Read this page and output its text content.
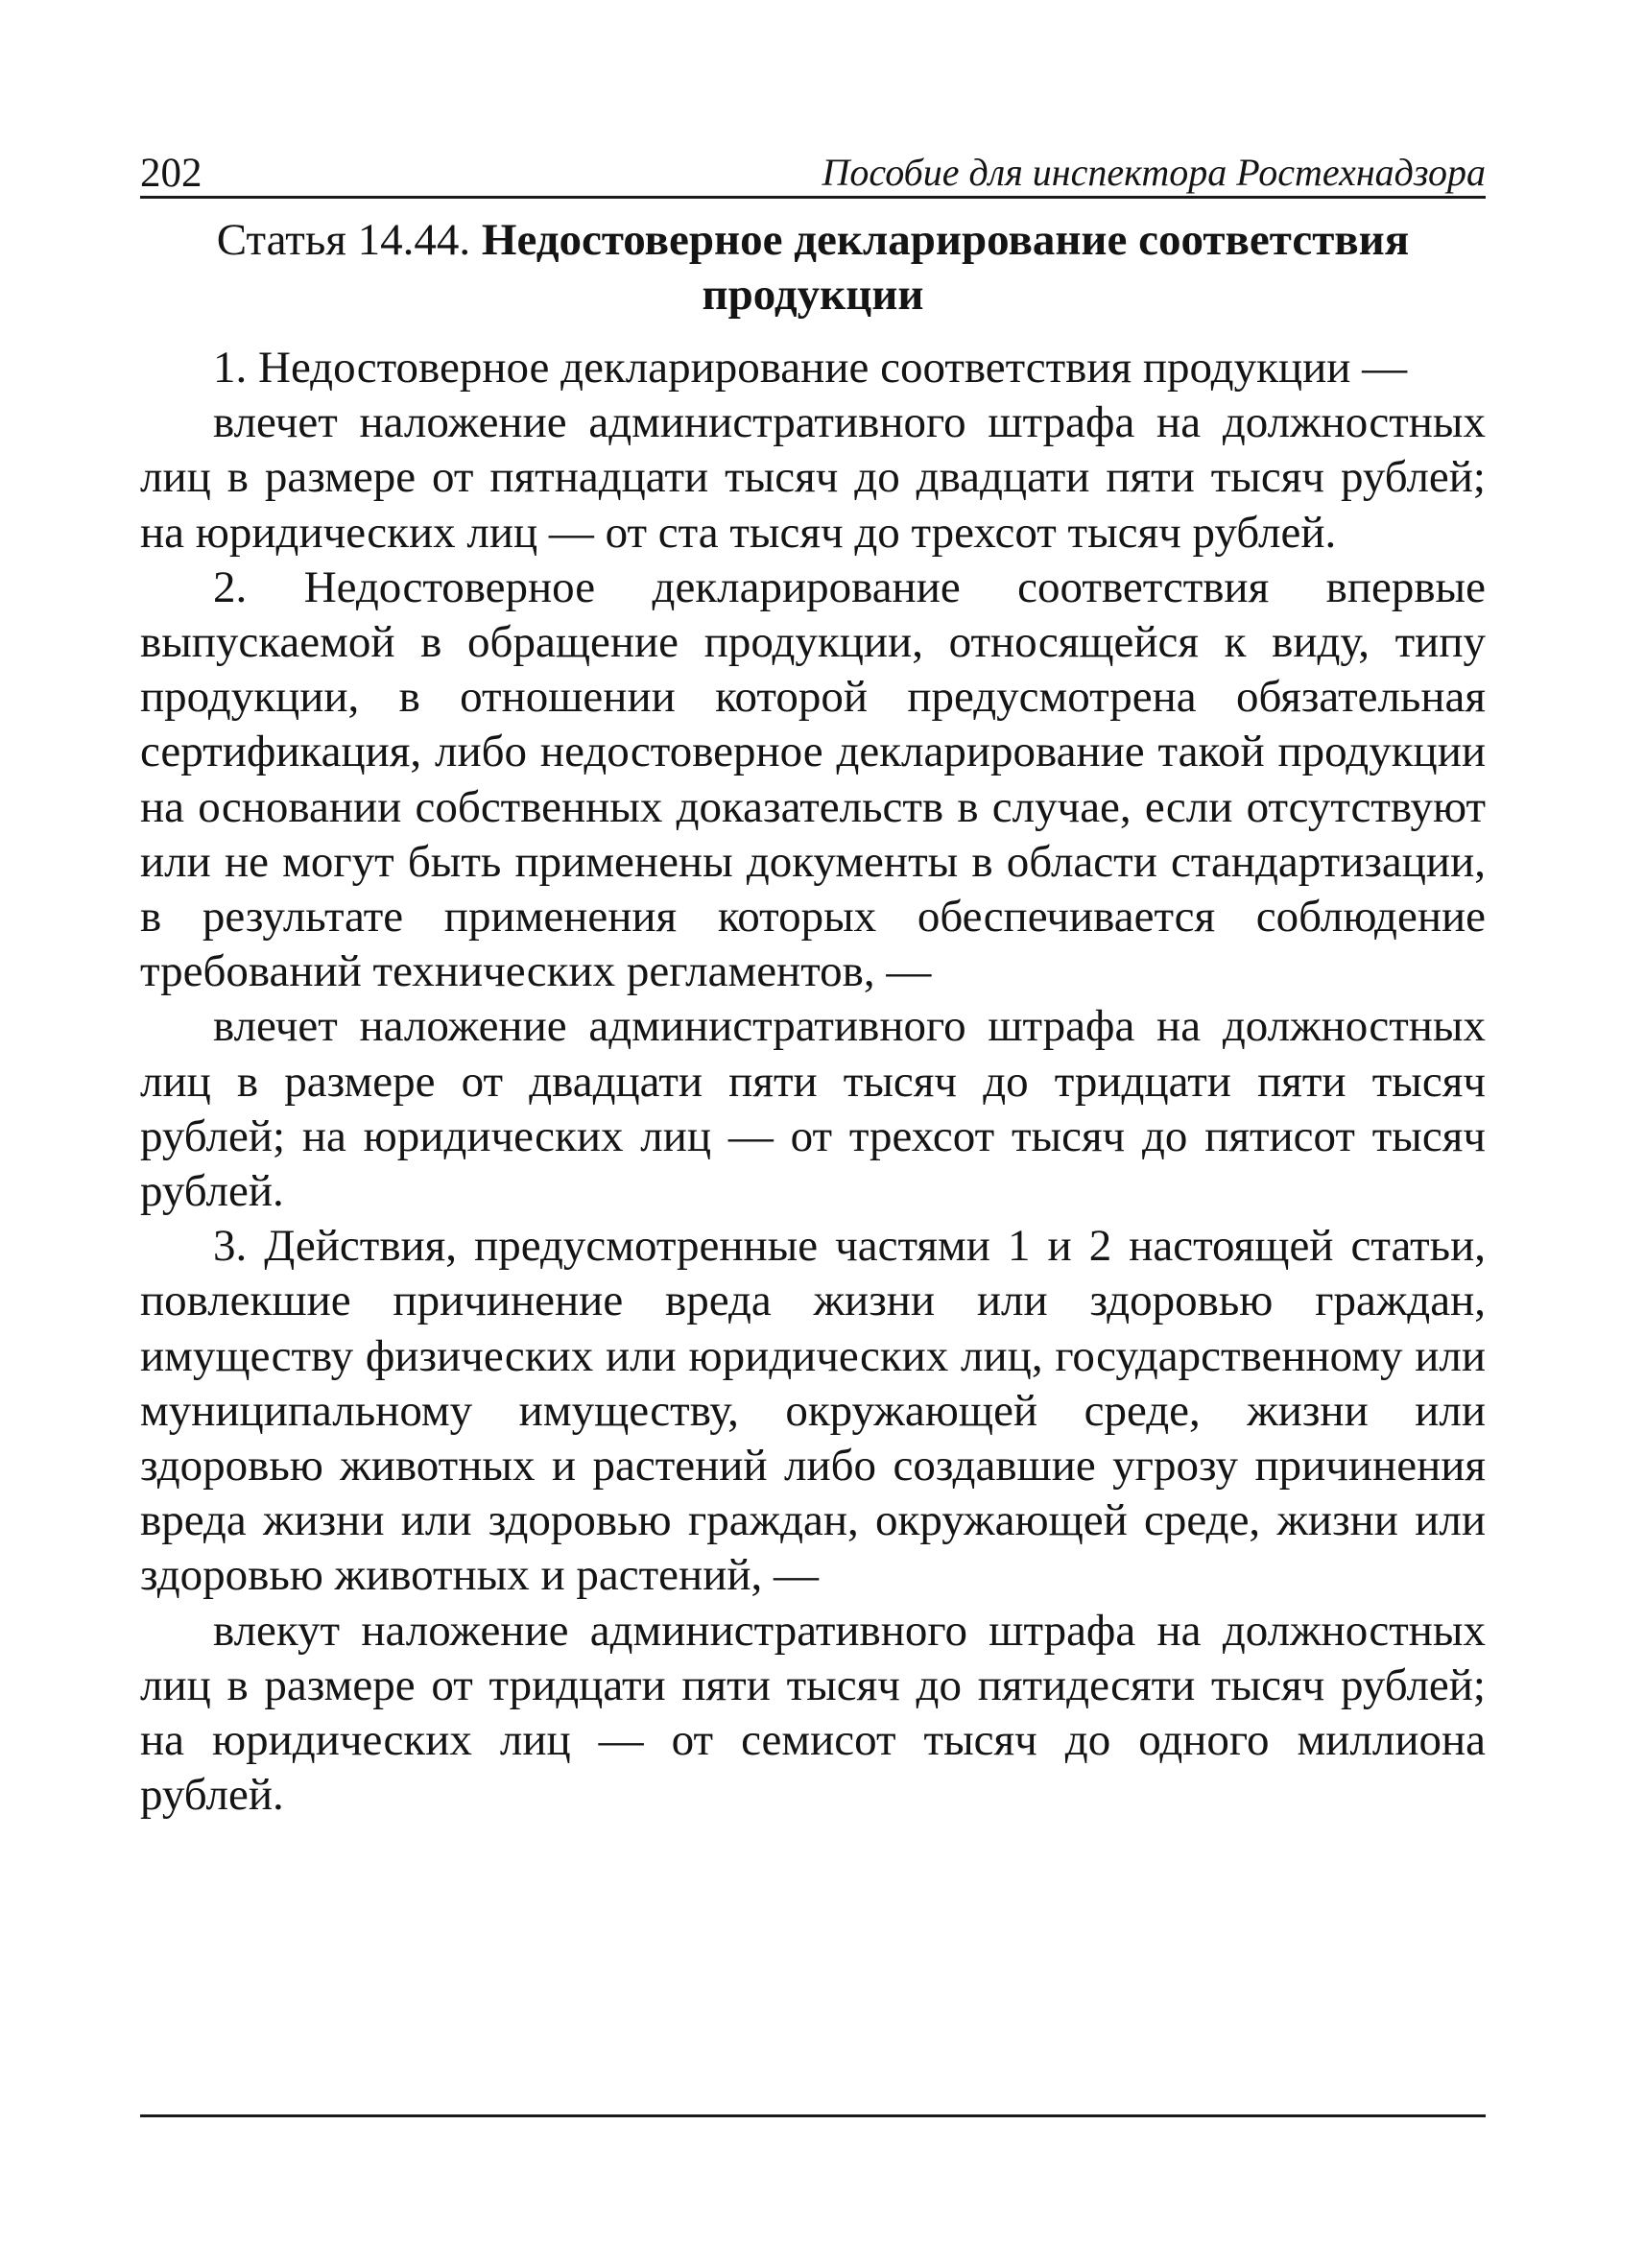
202	Пособие для инспектора Ростехнадзора
Статья 14.44. Недостоверное декларирование соответствия продукции

1. Недостоверное декларирование соответствия продукции —

влечет наложение административного штрафа на должностных лиц в размере от пятнадцати тысяч до двадцати пяти тысяч рублей; на юридических лиц — от ста тысяч до трехсот тысяч рублей.

2. Недостоверное декларирование соответствия впервые выпускаемой в обращение продукции, относящейся к виду, типу продукции, в отношении которой предусмотрена обязательная сертификация, либо недостоверное декларирование такой продукции на основании собственных доказательств в случае, если отсутствуют или не могут быть применены документы в области стандартизации, в результате применения которых обеспечивается соблюдение требований технических регламентов, —

влечет наложение административного штрафа на должностных лиц в размере от двадцати пяти тысяч до тридцати пяти тысяч рублей; на юридических лиц — от трехсот тысяч до пятисот тысяч рублей.

3. Действия, предусмотренные частями 1 и 2 настоящей статьи, повлекшие причинение вреда жизни или здоровью граждан, имуществу физических или юридических лиц, государственному или муниципальному имуществу, окружающей среде, жизни или здоровью животных и растений либо создавшие угрозу причинения вреда жизни или здоровью граждан, окружающей среде, жизни или здоровью животных и растений, —

влекут наложение административного штрафа на должностных лиц в размере от тридцати пяти тысяч до пятидесяти тысяч рублей; на юридических лиц — от семисот тысяч до одного миллиона рублей.
